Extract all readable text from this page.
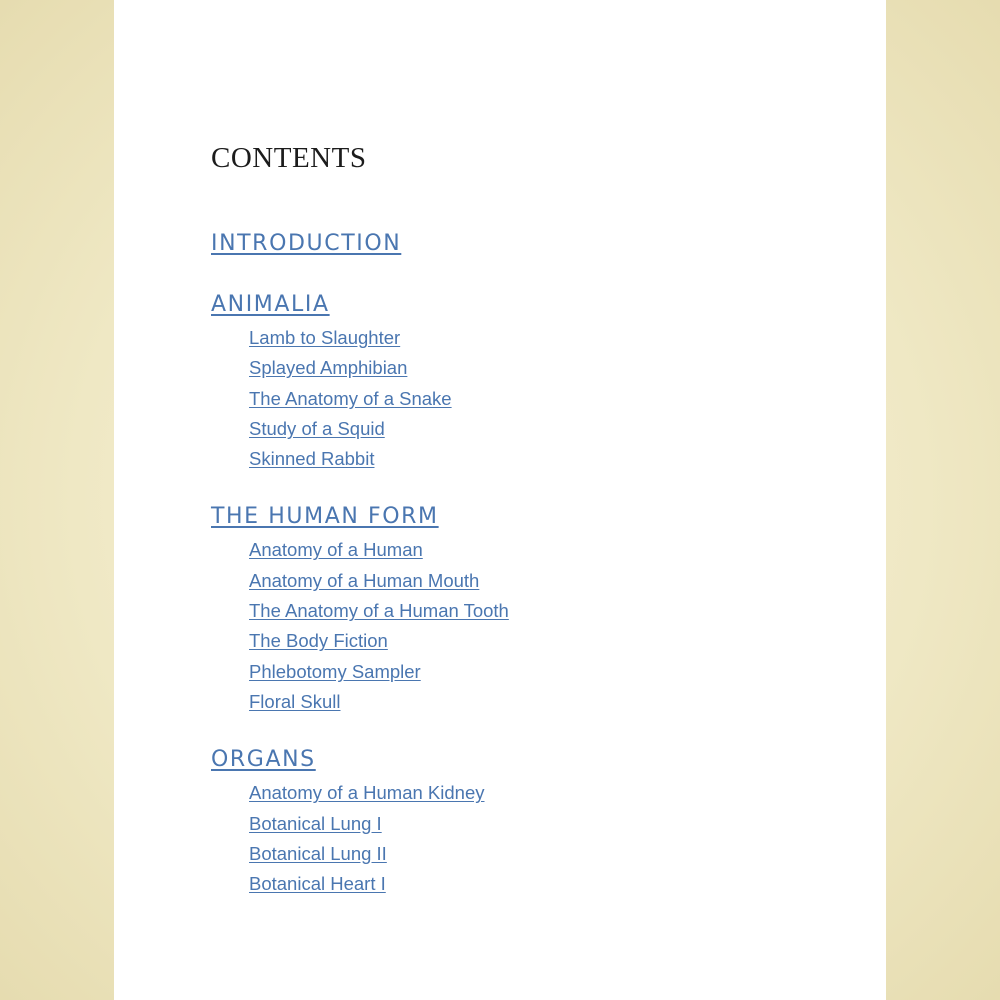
CONTENTS
INTRODUCTION
ANIMALIA
Lamb to Slaughter
Splayed Amphibian
The Anatomy of a Snake
Study of a Squid
Skinned Rabbit
THE HUMAN FORM
Anatomy of a Human
Anatomy of a Human Mouth
The Anatomy of a Human Tooth
The Body Fiction
Phlebotomy Sampler
Floral Skull
ORGANS
Anatomy of a Human Kidney
Botanical Lung I
Botanical Lung II
Botanical Heart I
